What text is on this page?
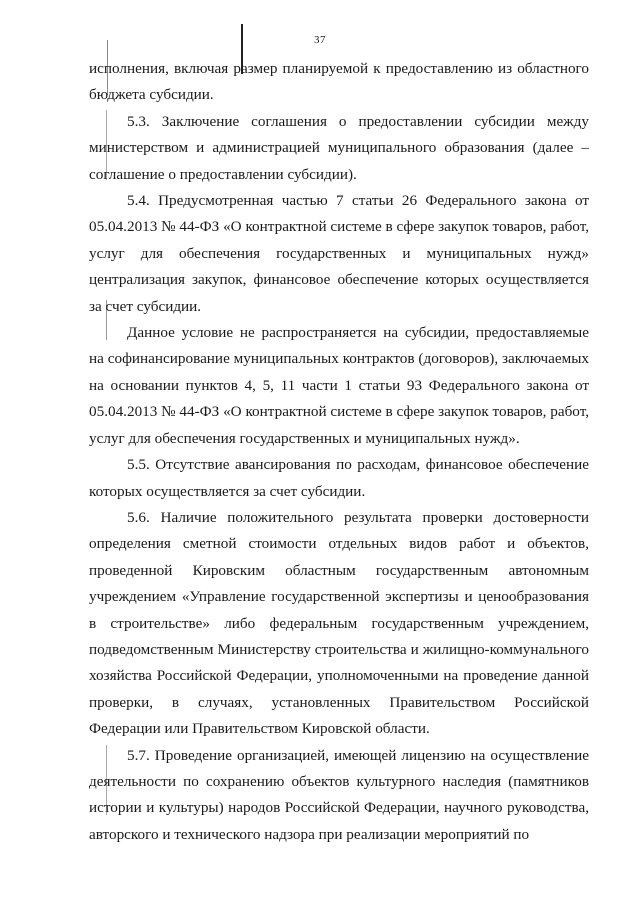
37

исполнения, включая размер планируемой к предоставлению из областного бюджета субсидии.

5.3. Заключение соглашения о предоставлении субсидии между министерством и администрацией муниципального образования (далее – соглашение о предоставлении субсидии).

5.4. Предусмотренная частью 7 статьи 26 Федерального закона от 05.04.2013 № 44-ФЗ «О контрактной системе в сфере закупок товаров, работ, услуг для обеспечения государственных и муниципальных нужд» централизация закупок, финансовое обеспечение которых осуществляется за счет субсидии.

Данное условие не распространяется на субсидии, предоставляемые на софинансирование муниципальных контрактов (договоров), заключаемых на основании пунктов 4, 5, 11 части 1 статьи 93 Федерального закона от 05.04.2013 № 44-ФЗ «О контрактной системе в сфере закупок товаров, работ, услуг для обеспечения государственных и муниципальных нужд».

5.5. Отсутствие авансирования по расходам, финансовое обеспечение которых осуществляется за счет субсидии.

5.6. Наличие положительного результата проверки достоверности определения сметной стоимости отдельных видов работ и объектов, проведенной Кировским областным государственным автономным учреждением «Управление государственной экспертизы и ценообразования в строительстве» либо федеральным государственным учреждением, подведомственным Министерству строительства и жилищно-коммунального хозяйства Российской Федерации, уполномоченными на проведение данной проверки, в случаях, установленных Правительством Российской Федерации или Правительством Кировской области.

5.7. Проведение организацией, имеющей лицензию на осуществление деятельности по сохранению объектов культурного наследия (памятников истории и культуры) народов Российской Федерации, научного руководства, авторского и технического надзора при реализации мероприятий по
